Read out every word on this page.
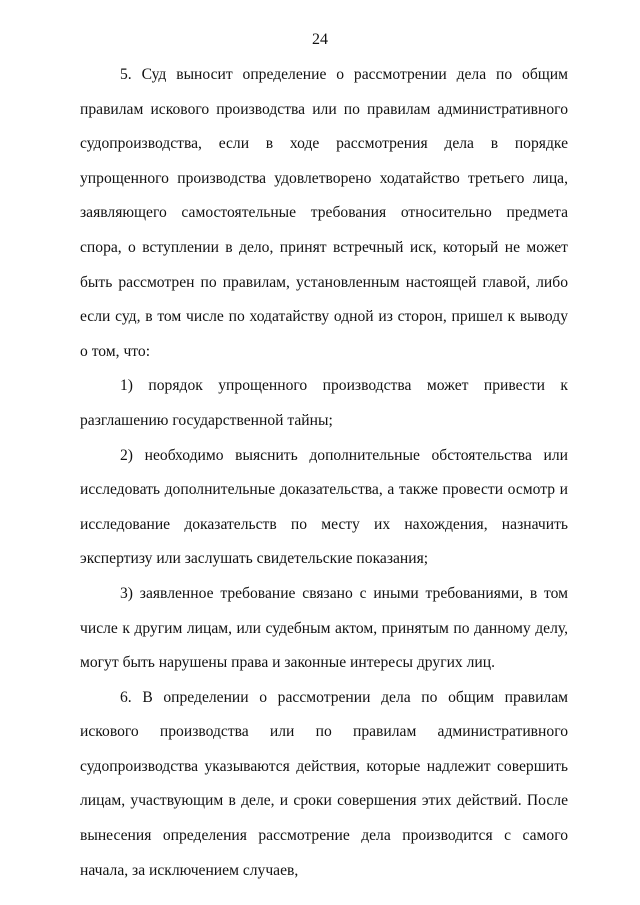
24

5. Суд выносит определение о рассмотрении дела по общим правилам искового производства или по правилам административного судопроизводства, если в ходе рассмотрения дела в порядке упрощенного производства удовлетворено ходатайство третьего лица, заявляющего самостоятельные требования относительно предмета спора, о вступлении в дело, принят встречный иск, который не может быть рассмотрен по правилам, установленным настоящей главой, либо если суд, в том числе по ходатайству одной из сторон, пришел к выводу о том, что:

1) порядок упрощенного производства может привести к разглашению государственной тайны;

2) необходимо выяснить дополнительные обстоятельства или исследовать дополнительные доказательства, а также провести осмотр и исследование доказательств по месту их нахождения, назначить экспертизу или заслушать свидетельские показания;

3) заявленное требование связано с иными требованиями, в том числе к другим лицам, или судебным актом, принятым по данному делу, могут быть нарушены права и законные интересы других лиц.

6. В определении о рассмотрении дела по общим правилам искового производства или по правилам административного судопроизводства указываются действия, которые надлежит совершить лицам, участвующим в деле, и сроки совершения этих действий. После вынесения определения рассмотрение дела производится с самого начала, за исключением случаев,
